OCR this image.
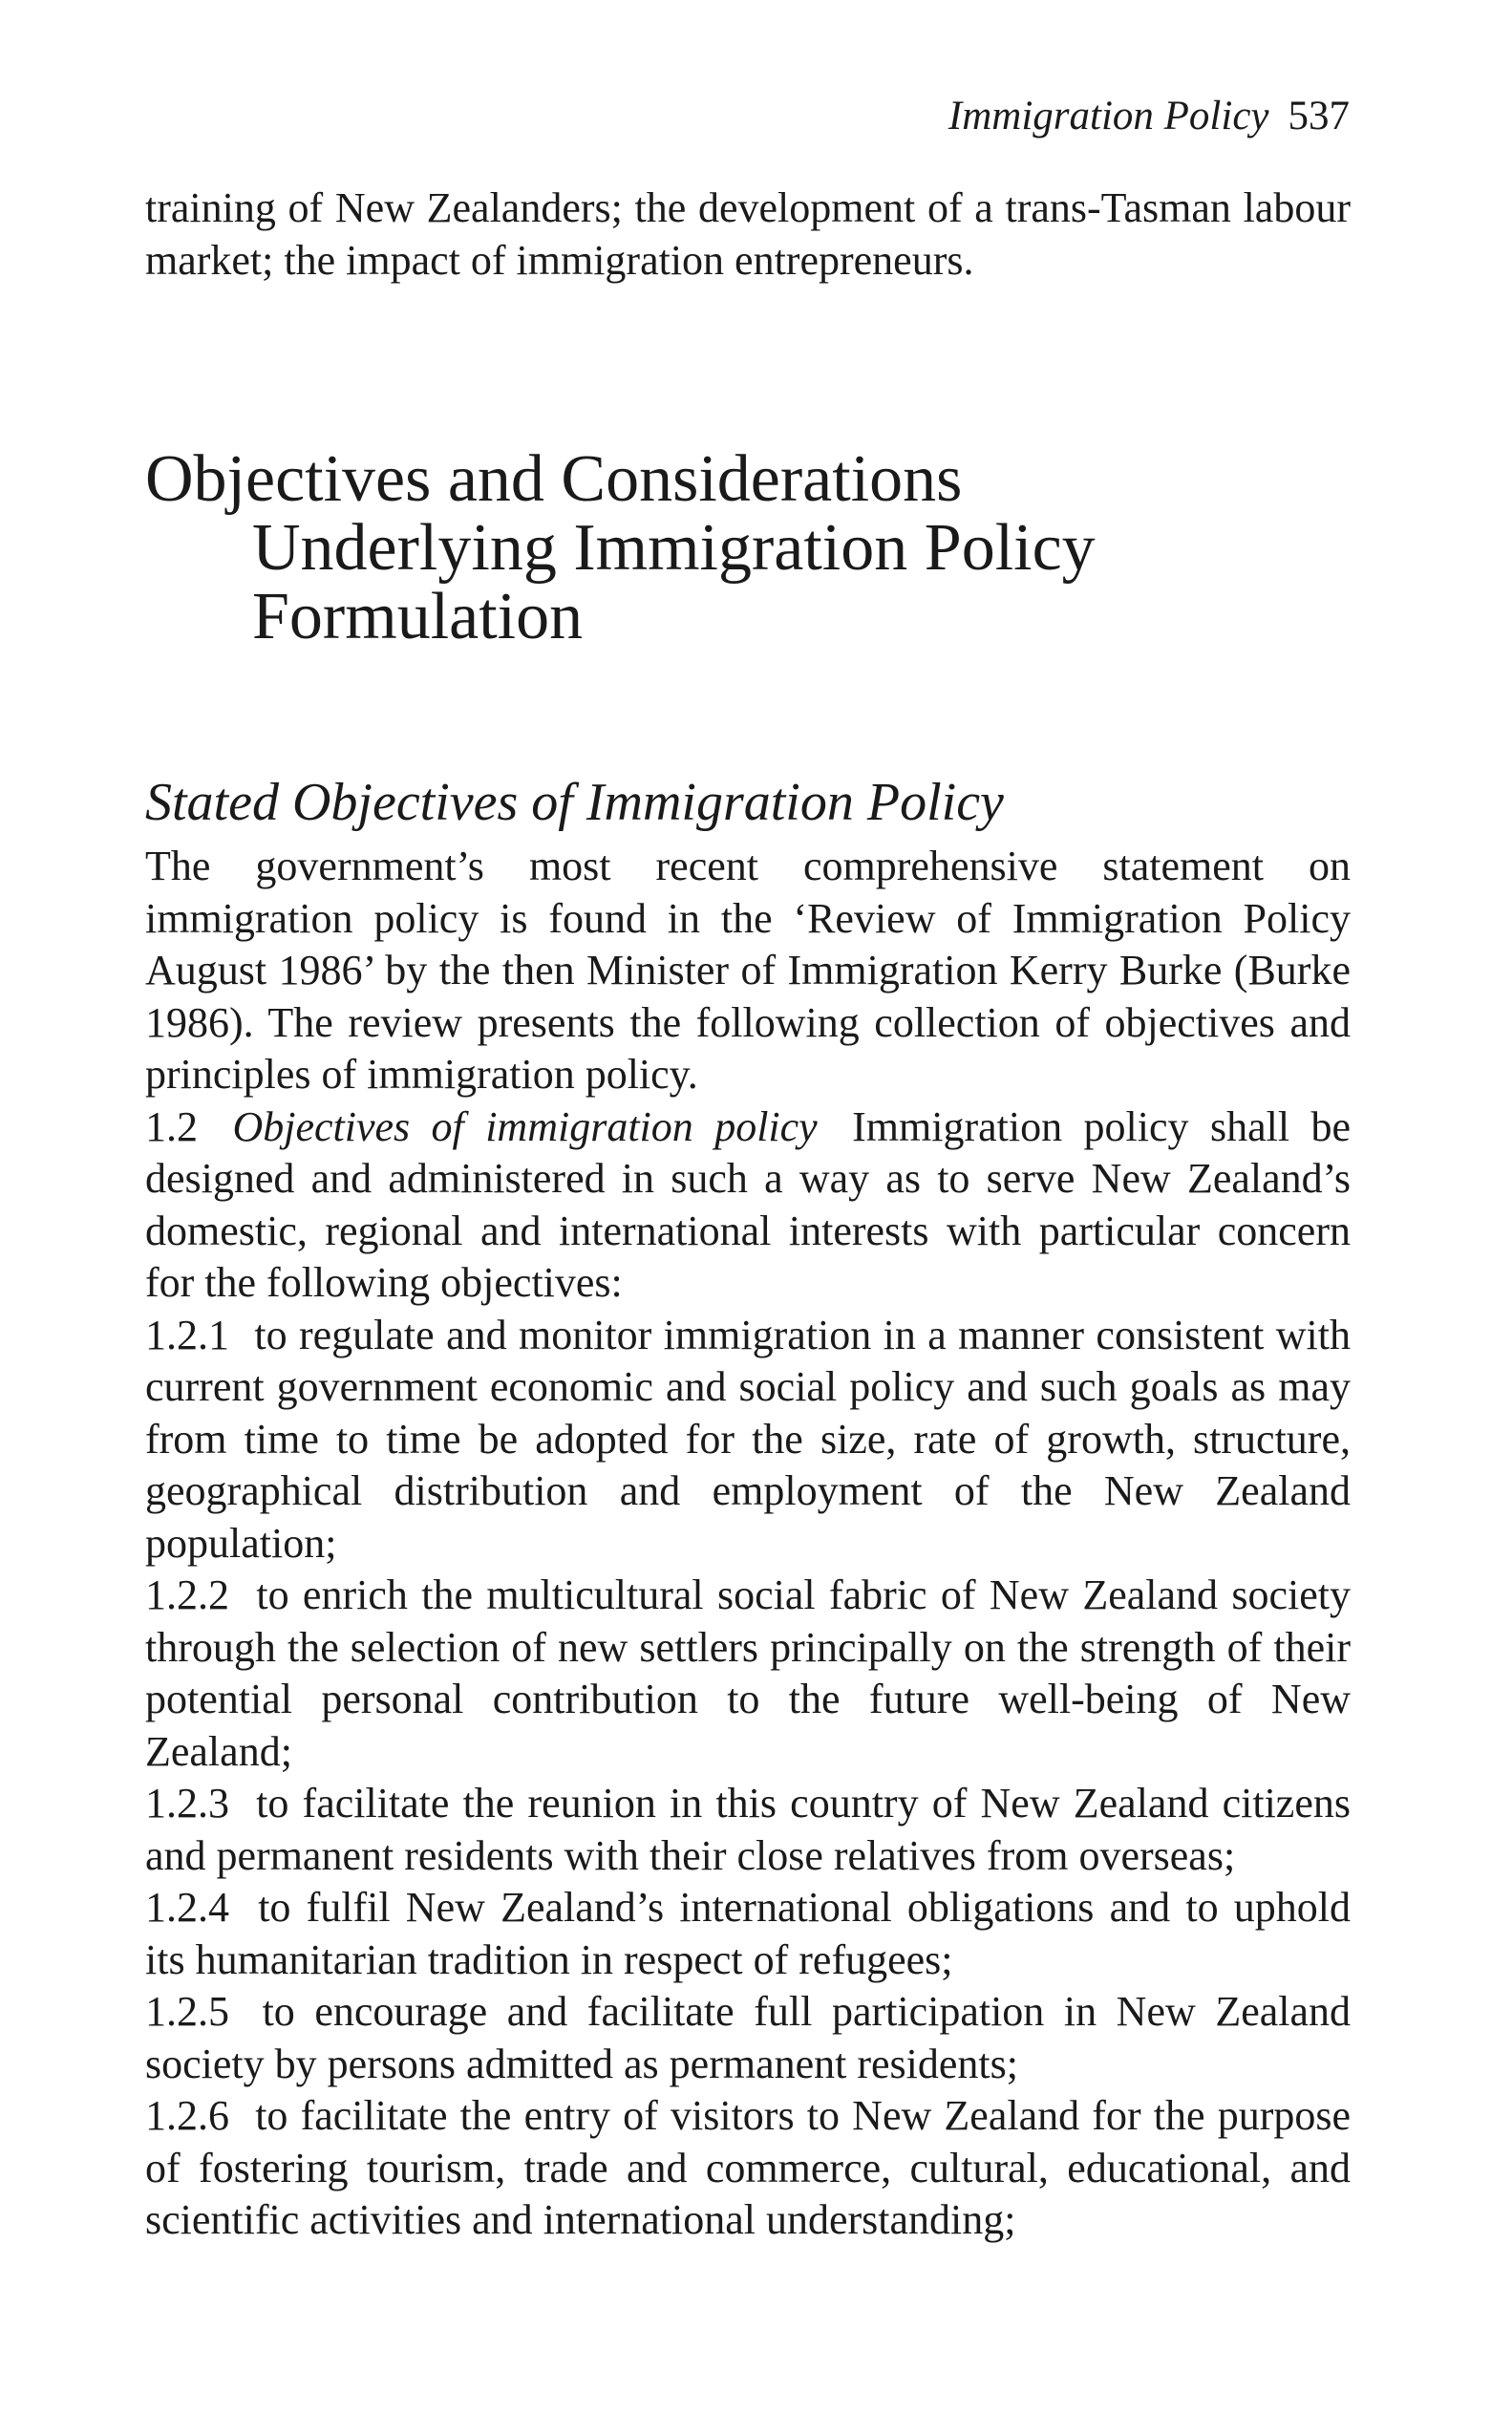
Immigration Policy 537

training of New Zealanders; the development of a trans-Tasman labour market; the impact of immigration entrepreneurs.

Objectives and Considerations
Underlying Immigration Policy
Formulation
Stated Objectives of Immigration Policy

The government’s most recent comprehensive statement on immigration policy is found in the ‘Review of Immigration Policy August 1986’ by the then Minister of Immigration Kerry Burke (Burke 1986). The review presents the following collection of objectives and principles of immigration policy.

1.2 Objectives of immigration policy Immigration policy shall be designed and administered in such a way as to serve New Zealand’s domestic, regional and international interests with particular concern for the following objectives:

1.2.1 to regulate and monitor immigration in a manner consistent with current government economic and social policy and such goals as may from time to time be adopted for the size, rate of growth, structure, geographical distribution and employment of the New Zealand population;

1.2.2 to enrich the multicultural social fabric of New Zealand society through the selection of new settlers principally on the strength of their potential personal contribution to the future well-being of New Zealand;

1.2.3 to facilitate the reunion in this country of New Zealand citizens and permanent residents with their close relatives from overseas;

1.2.4 to fulfil New Zealand’s international obligations and to uphold its humanitarian tradition in respect of refugees;

1.2.5 to encourage and facilitate full participation in New Zealand society by persons admitted as permanent residents;

1.2.6 to facilitate the entry of visitors to New Zealand for the purpose of fostering tourism, trade and commerce, cultural, educational, and scientific activities and international understanding;
